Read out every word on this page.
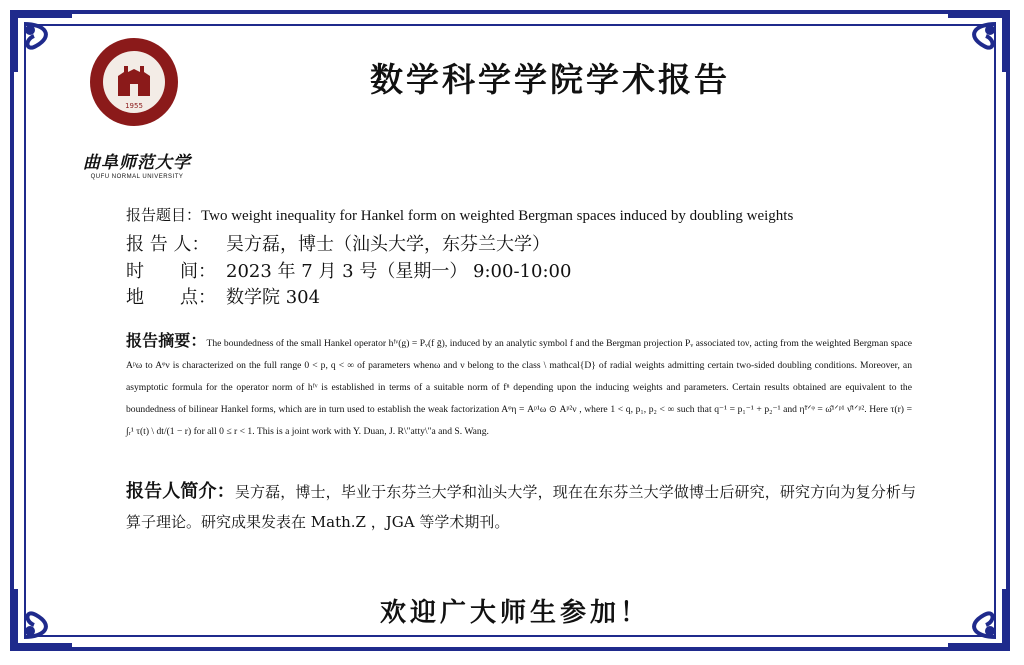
1955
曲阜师范大学
QUFU NORMAL UNIVERSITY
数学科学学院学术报告
报告题目：Two weight inequality for Hankel form on weighted Bergman spaces induced by doubling weights
报 告 人： 吴方磊，博士（汕头大学，东芬兰大学）
时　　间： 2023 年 7 月 3 号（星期一） 9:00-10:00
地　　点： 数学院 304
报告摘要：The boundedness of the small Hankel operator hᶠᵛ(g) = Pᵥ(f ḡ), induced by an analytic symbol f and the Bergman projection Pᵥ associated toν, acting from the weighted Bergman space Aᵖω to Aᵠν is characterized on the full range 0 < p, q < ∞ of parameters whenω and ν belong to the class \ mathcal{D} of radial weights admitting certain two-sided doubling conditions. Moreover, an asymptotic formula for the operator norm of hᶠᵛ is established in terms of a suitable norm of fⁿ depending upon the inducing weights and parameters. Certain results obtained are equivalent to the boundedness of bilinear Hankel forms, which are in turn used to establish the weak factorization Aᵠη = Aᵖ¹ω ⊙ Aᵖ²ν , where 1 < q, p₁, p₂ < ∞ such that q⁻¹ = p₁⁻¹ + p₂⁻¹ and η̃¹ᐟᵠ = ω̂¹ᐟᵖ¹ ν̂¹ᐟᵖ². Here τ(r) = ∫ᵣ¹ τ(t) \ dt/(1 − r) for all 0 ≤ r < 1. This is a joint work with Y. Duan, J. R\"atty\"a and S. Wang.
报告人简介：吴方磊，博士，毕业于东芬兰大学和汕头大学，现在在东芬兰大学做博士后研究，研究方向为复分析与算子理论。研究成果发表在 Math.Z ，JGA 等学术期刊。
欢迎广大师生参加！
